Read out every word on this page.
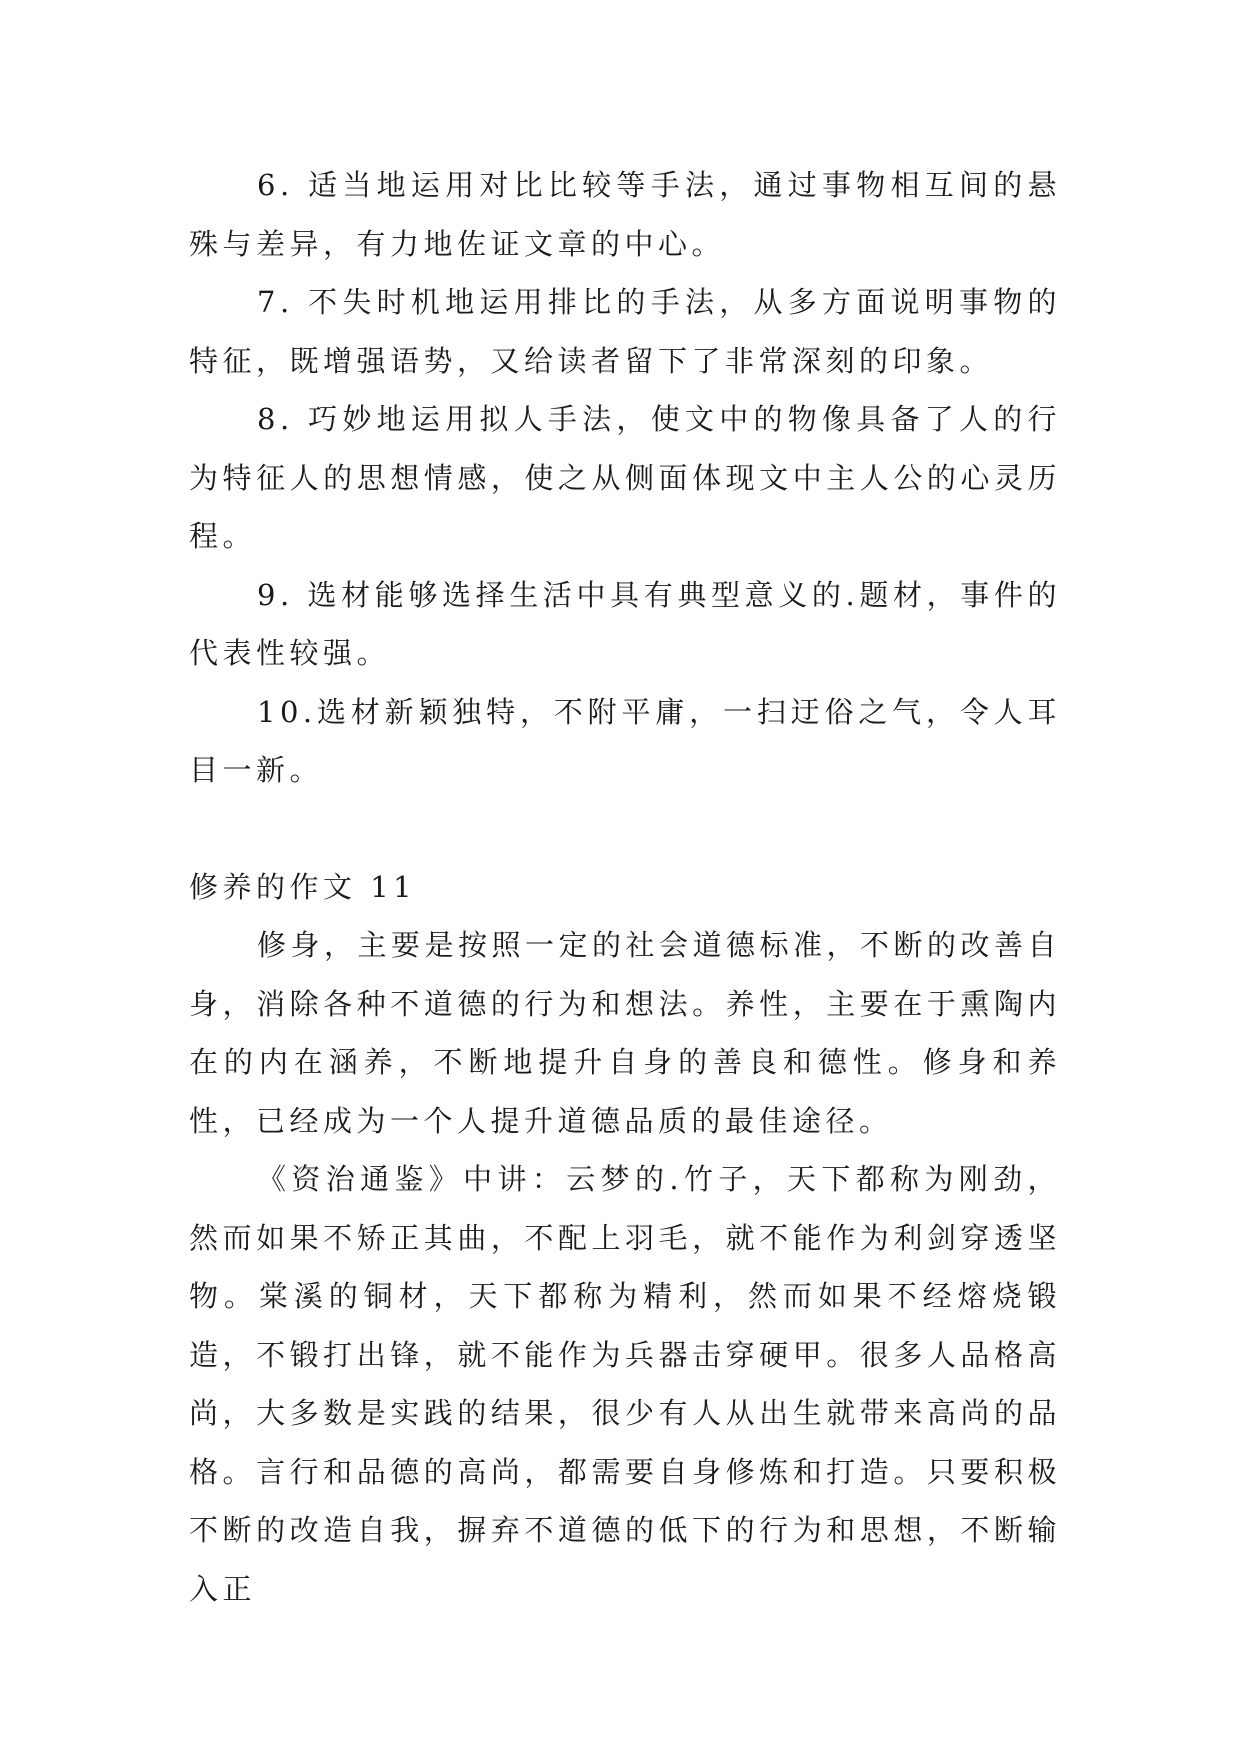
6. 适当地运用对比比较等手法，通过事物相互间的悬殊与差异，有力地佐证文章的中心。

7. 不失时机地运用排比的手法，从多方面说明事物的特征，既增强语势，又给读者留下了非常深刻的印象。

8. 巧妙地运用拟人手法，使文中的物像具备了人的行为特征人的思想情感，使之从侧面体现文中主人公的心灵历程。

9. 选材能够选择生活中具有典型意义的.题材，事件的代表性较强。

10.选材新颖独特，不附平庸，一扫迂俗之气，令人耳目一新。

修养的作文 11

修身，主要是按照一定的社会道德标准，不断的改善自身，消除各种不道德的行为和想法。养性，主要在于熏陶内在的内在涵养，不断地提升自身的善良和德性。修身和养性，已经成为一个人提升道德品质的最佳途径。

《资治通鉴》中讲：云梦的.竹子，天下都称为刚劲，然而如果不矫正其曲，不配上羽毛，就不能作为利剑穿透坚物。棠溪的铜材，天下都称为精利，然而如果不经熔烧锻造，不锻打出锋，就不能作为兵器击穿硬甲。很多人品格高尚，大多数是实践的结果，很少有人从出生就带来高尚的品格。言行和品德的高尚，都需要自身修炼和打造。只要积极不断的改造自我，摒弃不道德的低下的行为和思想，不断输入正
